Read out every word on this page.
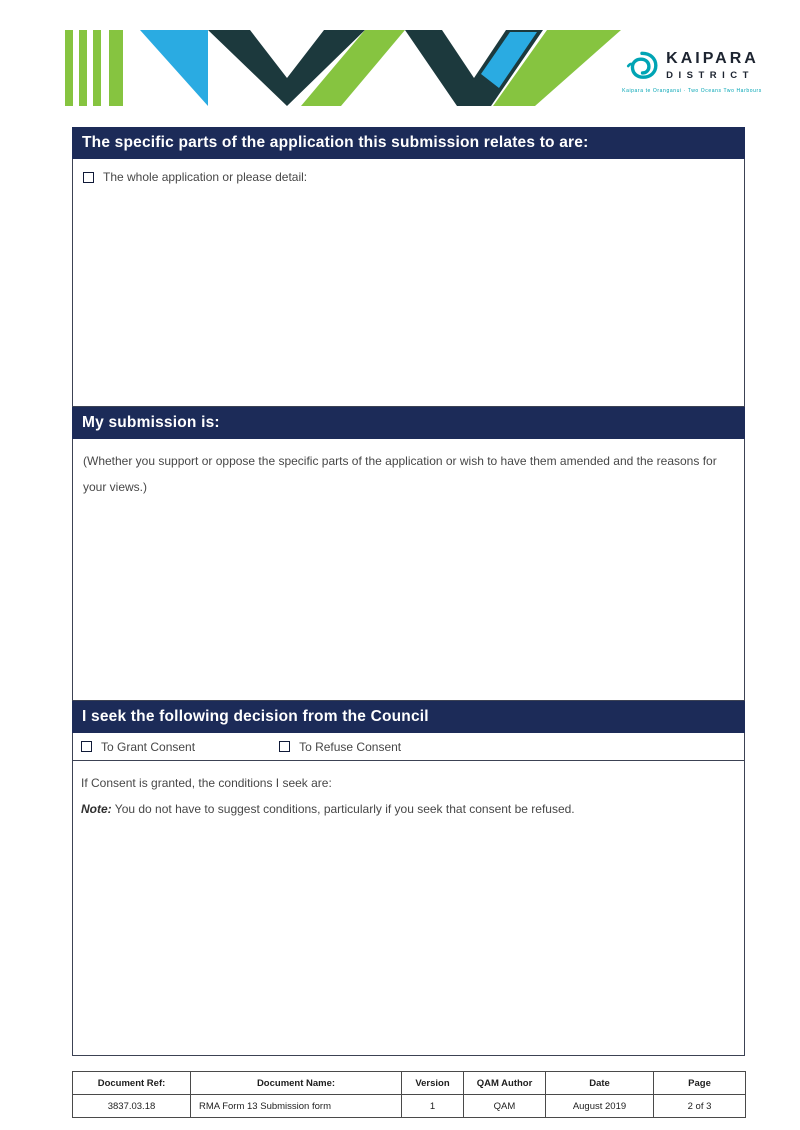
KAIPARA
DISTRICT
Kaipara te Oranganui · Two Oceans Two Harbours
The specific parts of the application this submission relates to are:
The whole application or please detail:
My submission is:
(Whether you support or oppose the specific parts of the application or wish to have them amended and the reasons for your views.)
I seek the following decision from the Council
To Grant Consent	To Refuse Consent
If Consent is granted, the conditions I seek are:
Note: You do not have to suggest conditions, particularly if you seek that consent be refused.
Document Ref:	Document Name:	Version	QAM Author	Date	Page
3837.03.18	RMA Form 13 Submission form	1	QAM	August 2019	2 of 3
